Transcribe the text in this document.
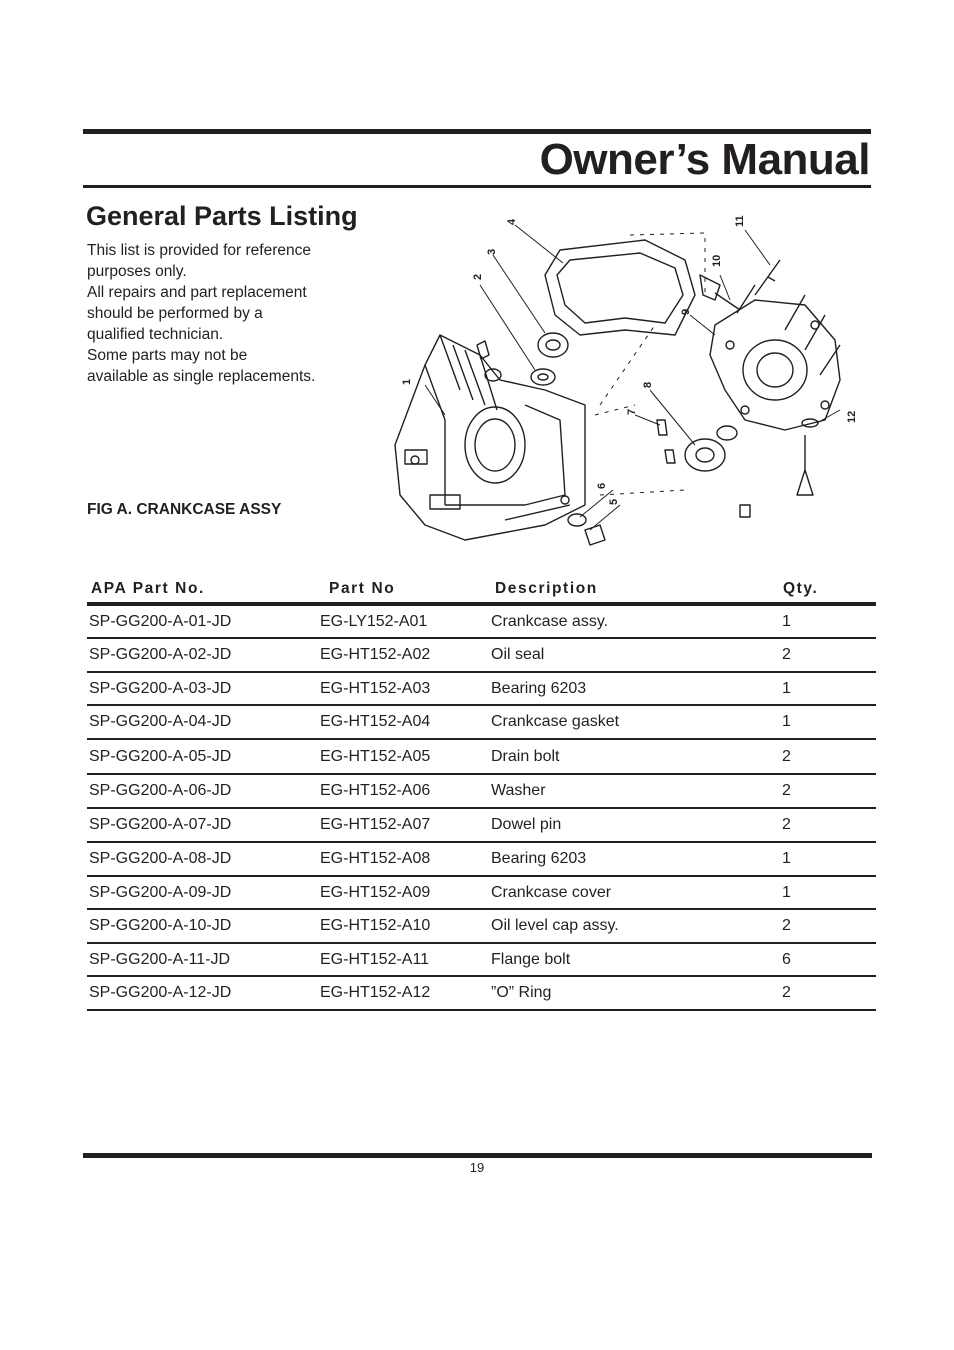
Owner’s Manual
General Parts Listing

This list is provided for reference

purposes only.

All repairs and part replacement

should be performed by a

qualified technician.

Some parts may not be

available as single replacements.

FIG A. CRANKCASE ASSY
1
2
3
4
5
6
7
8
9
10
11
12
APA Part No.	Part No	Description	Qty.
SP-GG200-A-01-JD	EG-LY152-A01	Crankcase assy.	1
SP-GG200-A-02-JD	EG-HT152-A02	Oil seal	2
SP-GG200-A-03-JD	EG-HT152-A03	Bearing 6203	1
SP-GG200-A-04-JD	EG-HT152-A04	Crankcase gasket	1
SP-GG200-A-05-JD	EG-HT152-A05	Drain bolt	2
SP-GG200-A-06-JD	EG-HT152-A06	Washer	2
SP-GG200-A-07-JD	EG-HT152-A07	Dowel pin	2
SP-GG200-A-08-JD	EG-HT152-A08	Bearing 6203	1
SP-GG200-A-09-JD	EG-HT152-A09	Crankcase cover	1
SP-GG200-A-10-JD	EG-HT152-A10	Oil level cap assy.	2
SP-GG200-A-11-JD	EG-HT152-A11	Flange bolt	6
SP-GG200-A-12-JD	EG-HT152-A12	”O” Ring	2
19
